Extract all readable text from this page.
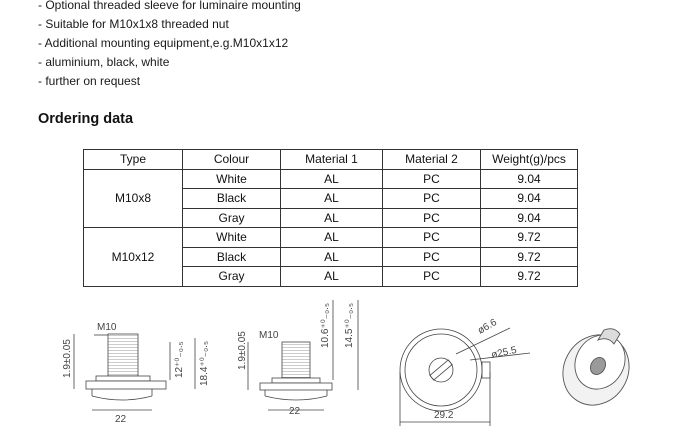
- Optional threaded sleeve for luminaire mounting
- Suitable for M10x1x8 threaded nut
- Additional mounting equipment,e.g.M10x1x12
- aluminium, black, white
- further on request
Ordering data
Type	Colour	Material 1	Material 2	Weight(g)/pcs
M10x8	White	AL	PC	9.04
	Black	AL	PC	9.04
	Gray	AL	PC	9.04
M10x12	White	AL	PC	9.72
	Black	AL	PC	9.72
	Gray	AL	PC	9.72
1.9±0.05
M10
12⁺⁰₋₀.₅ 18.4⁺⁰₋₀.₅
22
1.9±0.05 M10	10.6⁺⁰₋₀.₅ 14.5⁺⁰₋₀.₅
22
ø6.6
ø25.5
29.2
